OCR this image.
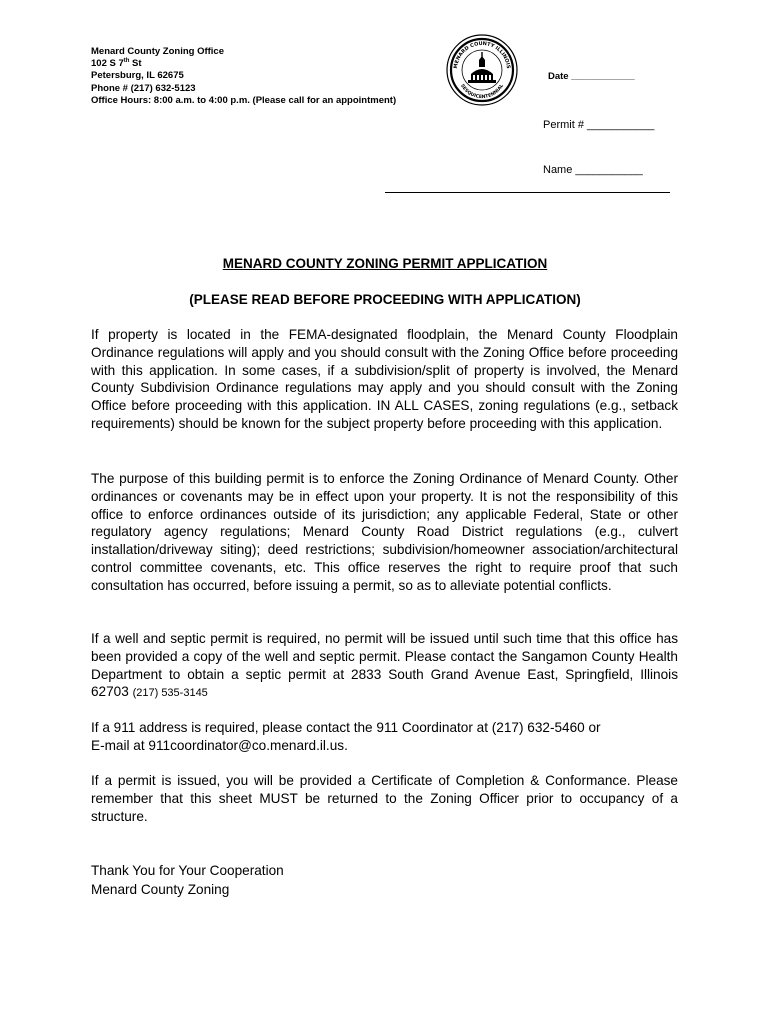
Menard County Zoning Office
102 S 7th St
Petersburg, IL 62675
Phone # (217) 632-5123
Office Hours: 8:00 a.m. to 4:00 p.m. (Please call for an appointment)
MENARD COUNTY ILLINOIS
SESQUICENTENNIAL
Date ____________
Permit # ___________
Name ___________
MENARD COUNTY ZONING PERMIT APPLICATION
(PLEASE READ BEFORE PROCEEDING WITH APPLICATION)
If property is located in the FEMA-designated floodplain, the Menard County Floodplain Ordinance regulations will apply and you should consult with the Zoning Office before proceeding with this application. In some cases, if a subdivision/split of property is involved, the Menard County Subdivision Ordinance regulations may apply and you should consult with the Zoning Office before proceeding with this application. IN ALL CASES, zoning regulations (e.g., setback requirements) should be known for the subject property before proceeding with this application.
The purpose of this building permit is to enforce the Zoning Ordinance of Menard County. Other ordinances or covenants may be in effect upon your property. It is not the responsibility of this office to enforce ordinances outside of its jurisdiction; any applicable Federal, State or other regulatory agency regulations; Menard County Road District regulations (e.g., culvert installation/driveway siting); deed restrictions; subdivision/homeowner association/architectural control committee covenants, etc. This office reserves the right to require proof that such consultation has occurred, before issuing a permit, so as to alleviate potential conflicts.
If a well and septic permit is required, no permit will be issued until such time that this office has been provided a copy of the well and septic permit. Please contact the Sangamon County Health Department to obtain a septic permit at 2833 South Grand Avenue East, Springfield, Illinois 62703 (217) 535-3145
If a 911 address is required, please contact the 911 Coordinator at (217) 632-5460 or
E-mail at 911coordinator@co.menard.il.us.
If a permit is issued, you will be provided a Certificate of Completion & Conformance. Please remember that this sheet MUST be returned to the Zoning Officer prior to occupancy of a structure.
Thank You for Your Cooperation
Menard County Zoning
